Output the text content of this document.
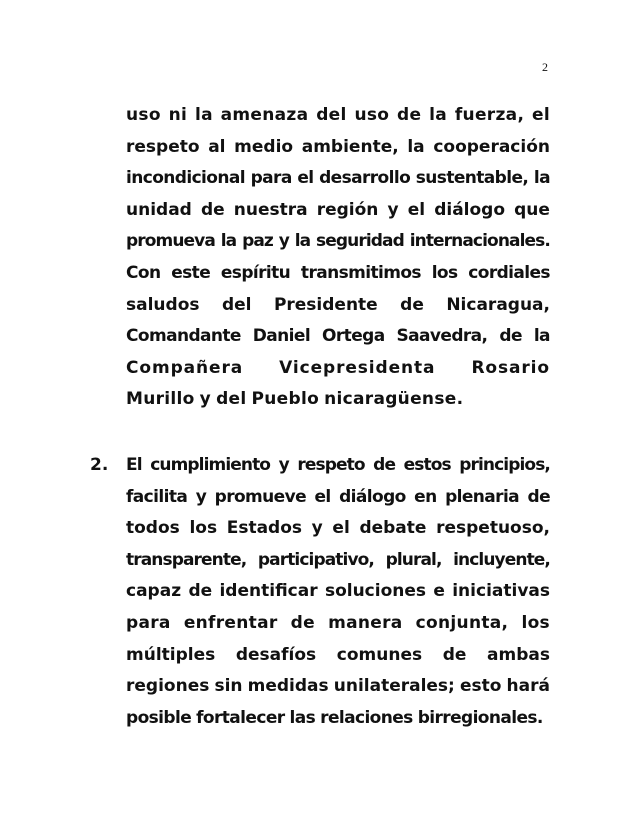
2
uso ni la amenaza del uso de la fuerza, el
respeto al medio ambiente, la cooperación
incondicional para el desarrollo sustentable, la
unidad de nuestra región y el diálogo que
promueva la paz y la seguridad internacionales.
Con este espíritu transmitimos los cordiales
saludos del Presidente de Nicaragua,
Comandante Daniel Ortega Saavedra, de la
Compañera Vicepresidenta Rosario
Murillo y del Pueblo nicaragüense.
2. El cumplimiento y respeto de estos principios,
facilita y promueve el diálogo en plenaria de
todos los Estados y el debate respetuoso,
transparente, participativo, plural, incluyente,
capaz de identificar soluciones e iniciativas
para enfrentar de manera conjunta, los
múltiples desafíos comunes de ambas
regiones sin medidas unilaterales; esto hará
posible fortalecer las relaciones birregionales.
